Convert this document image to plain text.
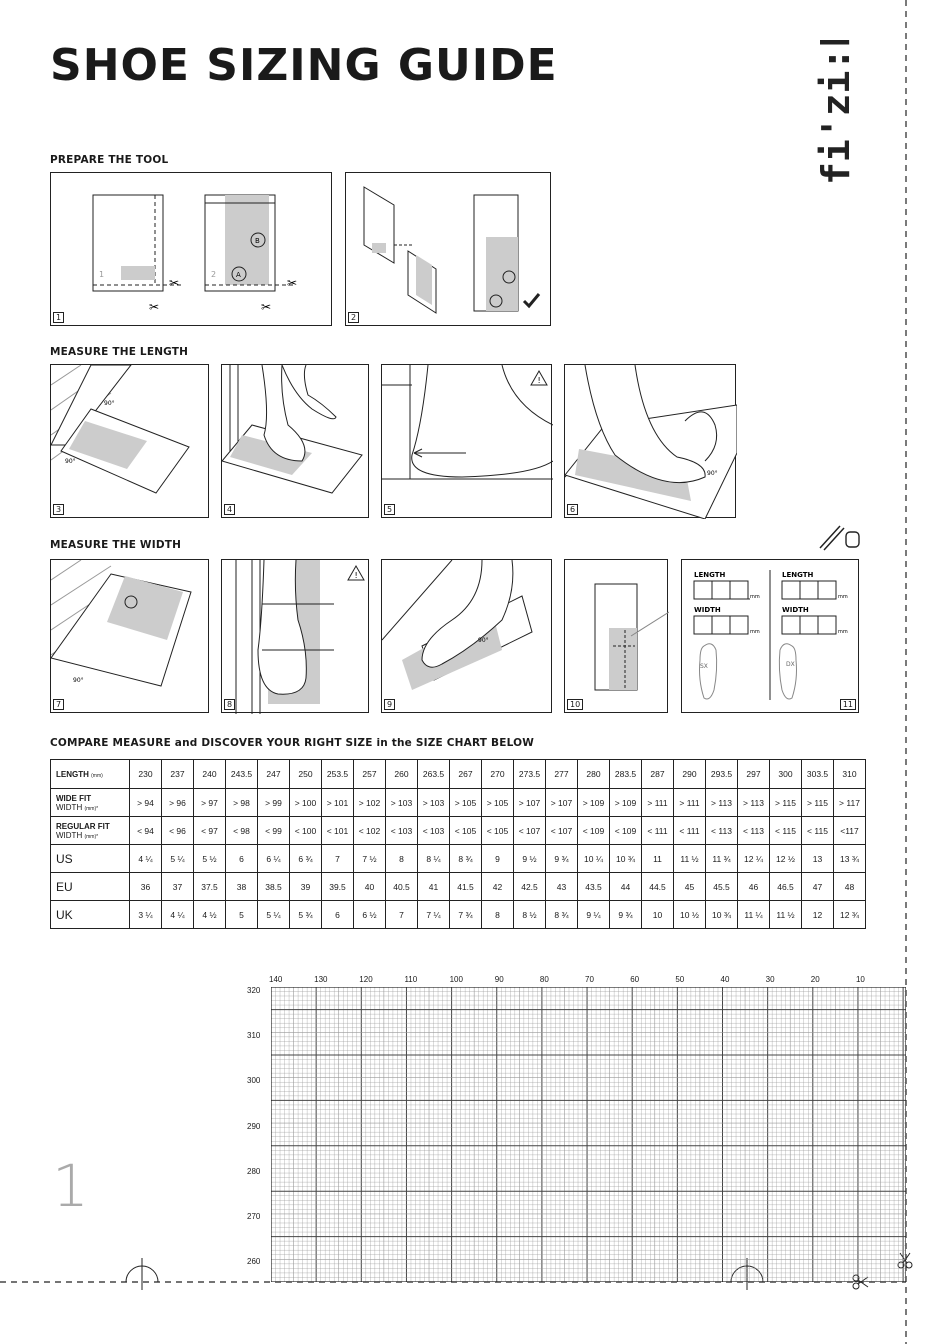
SHOE SIZING GUIDE	fi'zi:k
PREPARE THE TOOL
MEASURE THE LENGTH
MEASURE THE WIDTH
COMPARE MEASURE and DISCOVER YOUR RIGHT SIZE in the SIZE CHART BELOW
1	A
B
2
✂	✂
✂	✂
1	2
90°
90°
3	4
!
5
90°
6
90°
7
!
8
90°
9	10
LENGTH	LENGTH
mm	mm
mm	mm
WIDTH	WIDTH
SX	DX
11
LENGTH (mm)	230	237	240	243.5	247	250	253.5	257	260	263.5	267	270	273.5	277	280	283.5	287	290	293.5	297	300	303.5	310
WIDE FIT
WIDTH (mm)*	> 94	> 96	> 97	> 98	> 99	> 100	> 101	> 102	> 103	> 103	> 105	> 105	> 107	> 107	> 109	> 109	> 111	> 111	> 113	> 113	> 115	> 115	> 117
REGULAR FIT
WIDTH (mm)*	< 94	< 96	< 97	< 98	< 99	< 100	< 101	< 102	< 103	< 103	< 105	< 105	< 107	< 107	< 109	< 109	< 111	< 111	< 113	< 113	< 115	< 115	<117
US	4 ¼	5 ¼	5 ½	6	6 ¼	6 ¾	7	7 ½	8	8 ¼	8 ¾	9	9 ½	9 ¾	10 ¼	10 ¾	11	11 ½	11 ¾	12 ¼	12 ½	13	13 ¾
EU	36	37	37.5	38	38.5	39	39.5	40	40.5	41	41.5	42	42.5	43	43.5	44	44.5	45	45.5	46	46.5	47	48
UK	3 ¼	4 ¼	4 ½	5	5 ¼	5 ¾	6	6 ½	7	7 ¼	7 ¾	8	8 ½	8 ¾	9 ¼	9 ¾	10	10 ½	10 ¾	11 ¼	11 ½	12	12 ¾
1
140	130	120	110	100	90	80	70	60	50	40	30	20	10
320
310
300
290
280
270
260
